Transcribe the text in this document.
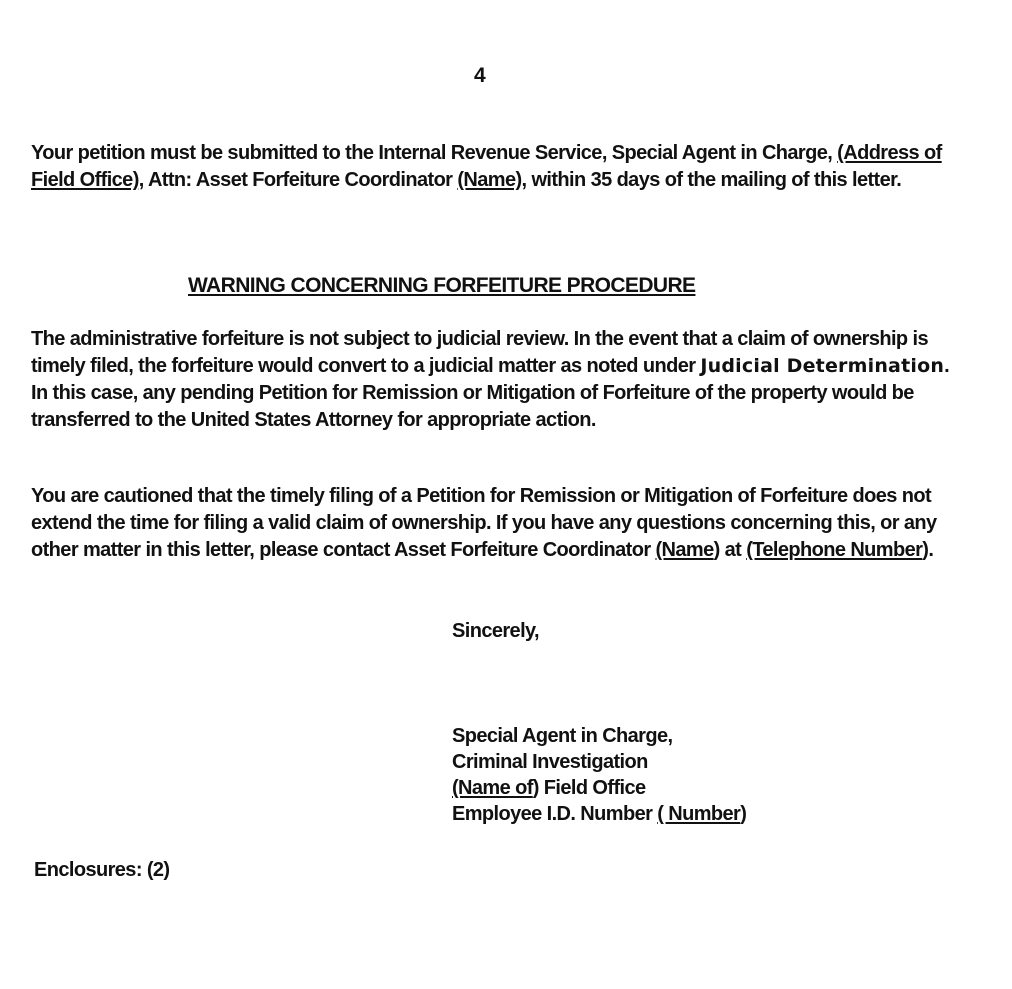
4

Your petition must be submitted to the Internal Revenue Service, Special Agent in Charge, (Address of Field Office), Attn: Asset Forfeiture Coordinator (Name), within 35 days of the mailing of this letter.

WARNING CONCERNING FORFEITURE PROCEDURE

The administrative forfeiture is not subject to judicial review. In the event that a claim of ownership is timely filed, the forfeiture would convert to a judicial matter as noted under Judicial Determination. In this case, any pending Petition for Remission or Mitigation of Forfeiture of the property would be transferred to the United States Attorney for appropriate action.

You are cautioned that the timely filing of a Petition for Remission or Mitigation of Forfeiture does not extend the time for filing a valid claim of ownership. If you have any questions concerning this, or any other matter in this letter, please contact Asset Forfeiture Coordinator (Name) at (Telephone Number).

Sincerely,
Special Agent in Charge,
Criminal Investigation
(Name of) Field Office
Employee I.D. Number ( Number)
Enclosures: (2)
